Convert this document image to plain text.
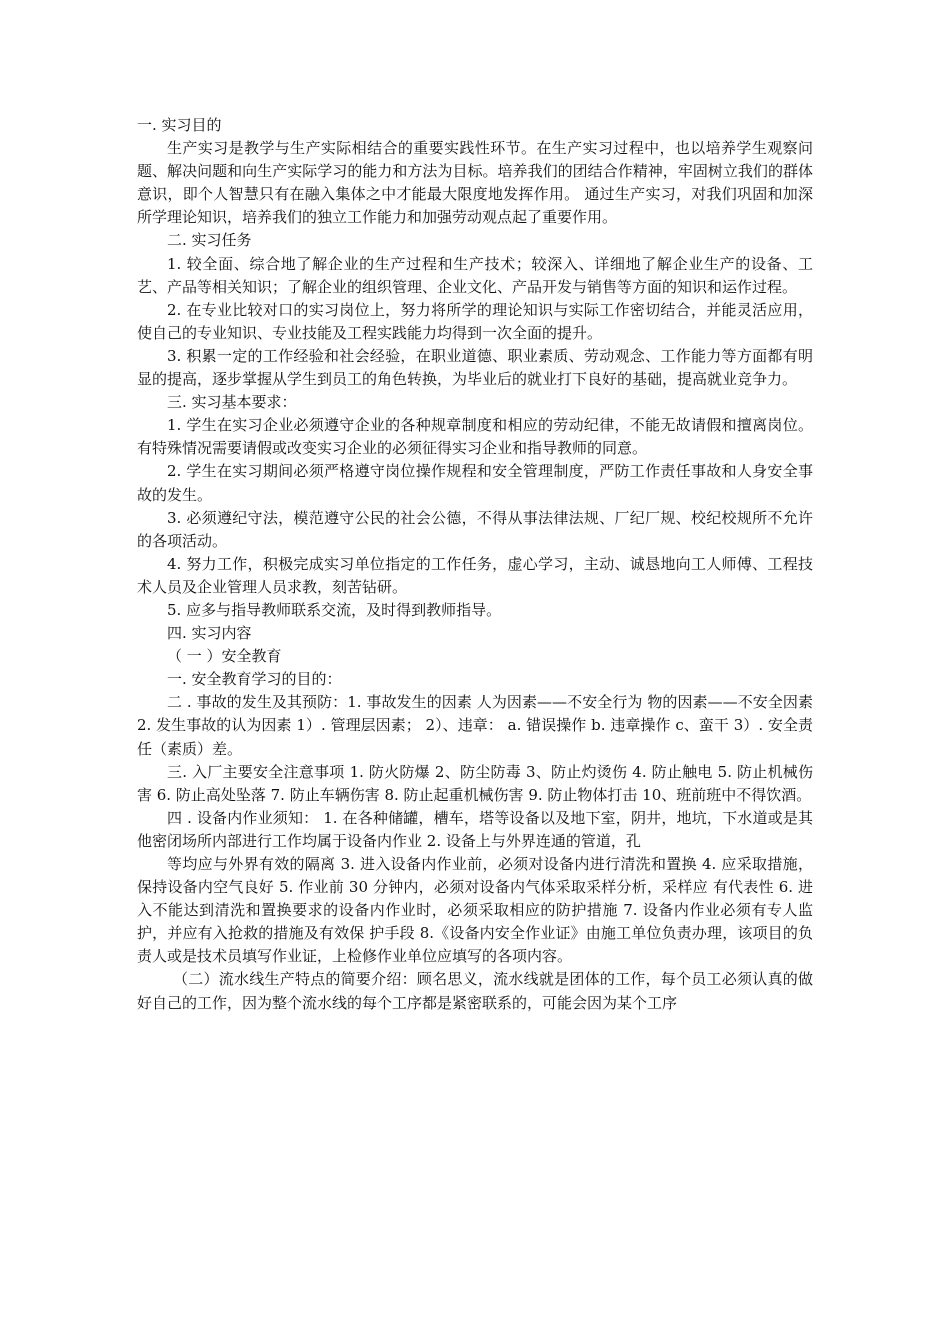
一. 实习目的

生产实习是教学与生产实际相结合的重要实践性环节。在生产实习过程中，也以培养学生观察问题、解决问题和向生产实际学习的能力和方法为目标。培养我们的团结合作精神，牢固树立我们的群体意识，即个人智慧只有在融入集体之中才能最大限度地发挥作用。 通过生产实习，对我们巩固和加深所学理论知识，培养我们的独立工作能力和加强劳动观点起了重要作用。

二. 实习任务

1. 较全面、综合地了解企业的生产过程和生产技术；较深入、详细地了解企业生产的设备、工艺、产品等相关知识；了解企业的组织管理、企业文化、产品开发与销售等方面的知识和运作过程。

2. 在专业比较对口的实习岗位上，努力将所学的理论知识与实际工作密切结合，并能灵活应用，使自己的专业知识、专业技能及工程实践能力均得到一次全面的提升。

3. 积累一定的工作经验和社会经验，在职业道德、职业素质、劳动观念、工作能力等方面都有明显的提高，逐步掌握从学生到员工的角色转换，为毕业后的就业打下良好的基础，提高就业竞争力。

三. 实习基本要求：

1. 学生在实习企业必须遵守企业的各种规章制度和相应的劳动纪律，不能无故请假和擅离岗位。有特殊情况需要请假或改变实习企业的必须征得实习企业和指导教师的同意。

2. 学生在实习期间必须严格遵守岗位操作规程和安全管理制度，严防工作责任事故和人身安全事故的发生。

3. 必须遵纪守法，模范遵守公民的社会公德，不得从事法律法规、厂纪厂规、校纪校规所不允许的各项活动。

4. 努力工作，积极完成实习单位指定的工作任务，虚心学习，主动、诚恳地向工人师傅、工程技术人员及企业管理人员求教，刻苦钻研。

5. 应多与指导教师联系交流，及时得到教师指导。

四. 实习内容

（ 一 ）安全教育

一. 安全教育学习的目的：

二 . 事故的发生及其预防：1. 事故发生的因素 人为因素——不安全行为 物的因素——不安全因素 2. 发生事故的认为因素 1）. 管理层因素； 2）、违章： a. 错误操作 b. 违章操作 c、蛮干 3）. 安全责任（素质）差。

三. 入厂主要安全注意事项 1. 防火防爆 2、防尘防毒 3、防止灼烫伤 4. 防止触电 5. 防止机械伤害 6. 防止高处坠落 7. 防止车辆伤害 8. 防止起重机械伤害 9. 防止物体打击 10、班前班中不得饮酒。

四 . 设备内作业须知： 1. 在各种储罐，槽车，塔等设备以及地下室，阴井，地坑，下水道或是其他密闭场所内部进行工作均属于设备内作业 2. 设备上与外界连通的管道，孔

等均应与外界有效的隔离 3. 进入设备内作业前，必须对设备内进行清洗和置换 4. 应采取措施，保持设备内空气良好 5. 作业前 30 分钟内，必须对设备内气体采取采样分析，采样应 有代表性 6. 进入不能达到清洗和置换要求的设备内作业时，必须采取相应的防护措施 7. 设备内作业必须有专人监护，并应有入抢救的措施及有效保 护手段 8.《设备内安全作业证》由施工单位负责办理，该项目的负责人或是技术员填写作业证，上检修作业单位应填写的各项内容。

（二）流水线生产特点的简要介绍：顾名思义，流水线就是团体的工作，每个员工必须认真的做好自己的工作，因为整个流水线的每个工序都是紧密联系的，可能会因为某个工序
